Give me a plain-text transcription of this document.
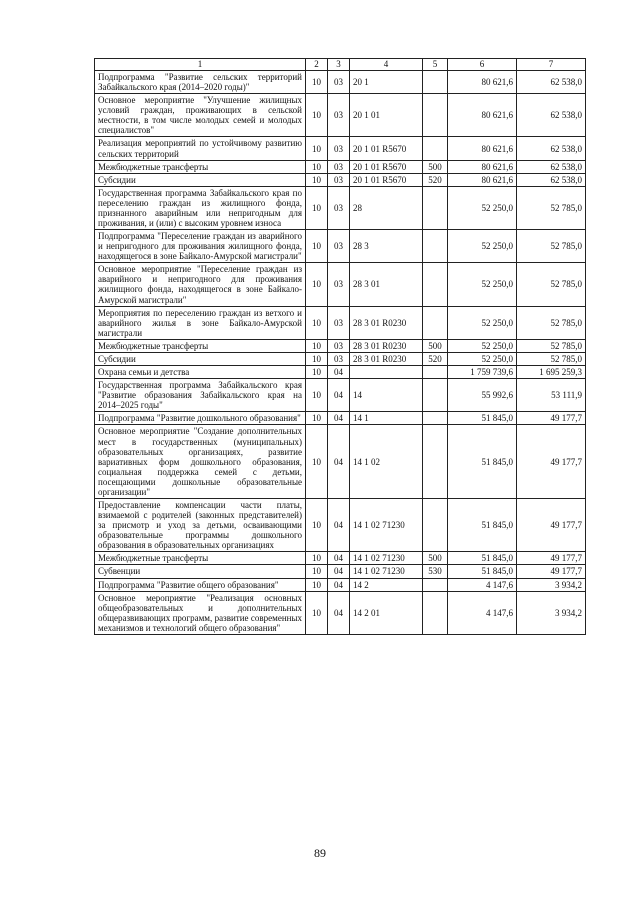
1	2	3	4	5	6	7
Подпрограмма "Развитие сельских территорий Забайкальского края (2014–2020 годы)"	10	03	20 1		80 621,6	62 538,0
Основное мероприятие "Улучшение жилищных условий граждан, проживающих в сельской местности, в том числе молодых семей и молодых специалистов"	10	03	20 1 01		80 621,6	62 538,0
Реализация мероприятий по устойчивому развитию сельских территорий	10	03	20 1 01 R5670		80 621,6	62 538,0
Межбюджетные трансферты	10	03	20 1 01 R5670	500	80 621,6	62 538,0
Субсидии	10	03	20 1 01 R5670	520	80 621,6	62 538,0
Государственная программа Забайкальского края по переселению граждан из жилищного фонда, признанного аварийным или непригодным для проживания, и (или) с высоким уровнем износа	10	03	28		52 250,0	52 785,0
Подпрограмма "Переселение граждан из аварийного и непригодного для проживания жилищного фонда, находящегося в зоне Байкало-Амурской магистрали"	10	03	28 3		52 250,0	52 785,0
Основное мероприятие "Переселение граждан из аварийного и непригодного для проживания жилищного фонда, находящегося в зоне Байкало-Амурской магистрали"	10	03	28 3 01		52 250,0	52 785,0
Мероприятия по переселению граждан из ветхого и аварийного жилья в зоне Байкало-Амурской магистрали	10	03	28 3 01 R0230		52 250,0	52 785,0
Межбюджетные трансферты	10	03	28 3 01 R0230	500	52 250,0	52 785,0
Субсидии	10	03	28 3 01 R0230	520	52 250,0	52 785,0
Охрана семьи и детства	10	04			1 759 739,6	1 695 259,3
Государственная программа Забайкальского края "Развитие образования Забайкальского края на 2014–2025 годы"	10	04	14		55 992,6	53 111,9
Подпрограмма "Развитие дошкольного образования"	10	04	14 1		51 845,0	49 177,7
Основное мероприятие "Создание дополнительных мест в государственных (муниципальных) образовательных организациях, развитие вариативных форм дошкольного образования, социальная поддержка семей с детьми, посещающими дошкольные образовательные организации"	10	04	14 1 02		51 845,0	49 177,7
Предоставление компенсации части платы, взимаемой с родителей (законных представителей) за присмотр и уход за детьми, осваивающими образовательные программы дошкольного образования в образовательных организациях	10	04	14 1 02 71230		51 845,0	49 177,7
Межбюджетные трансферты	10	04	14 1 02 71230	500	51 845,0	49 177,7
Субвенции	10	04	14 1 02 71230	530	51 845,0	49 177,7
Подпрограмма "Развитие общего образования"	10	04	14 2		4 147,6	3 934,2
Основное мероприятие "Реализация основных общеобразовательных и дополнительных общеразвивающих программ, развитие современных механизмов и технологий общего образования"	10	04	14 2 01		4 147,6	3 934,2
89
